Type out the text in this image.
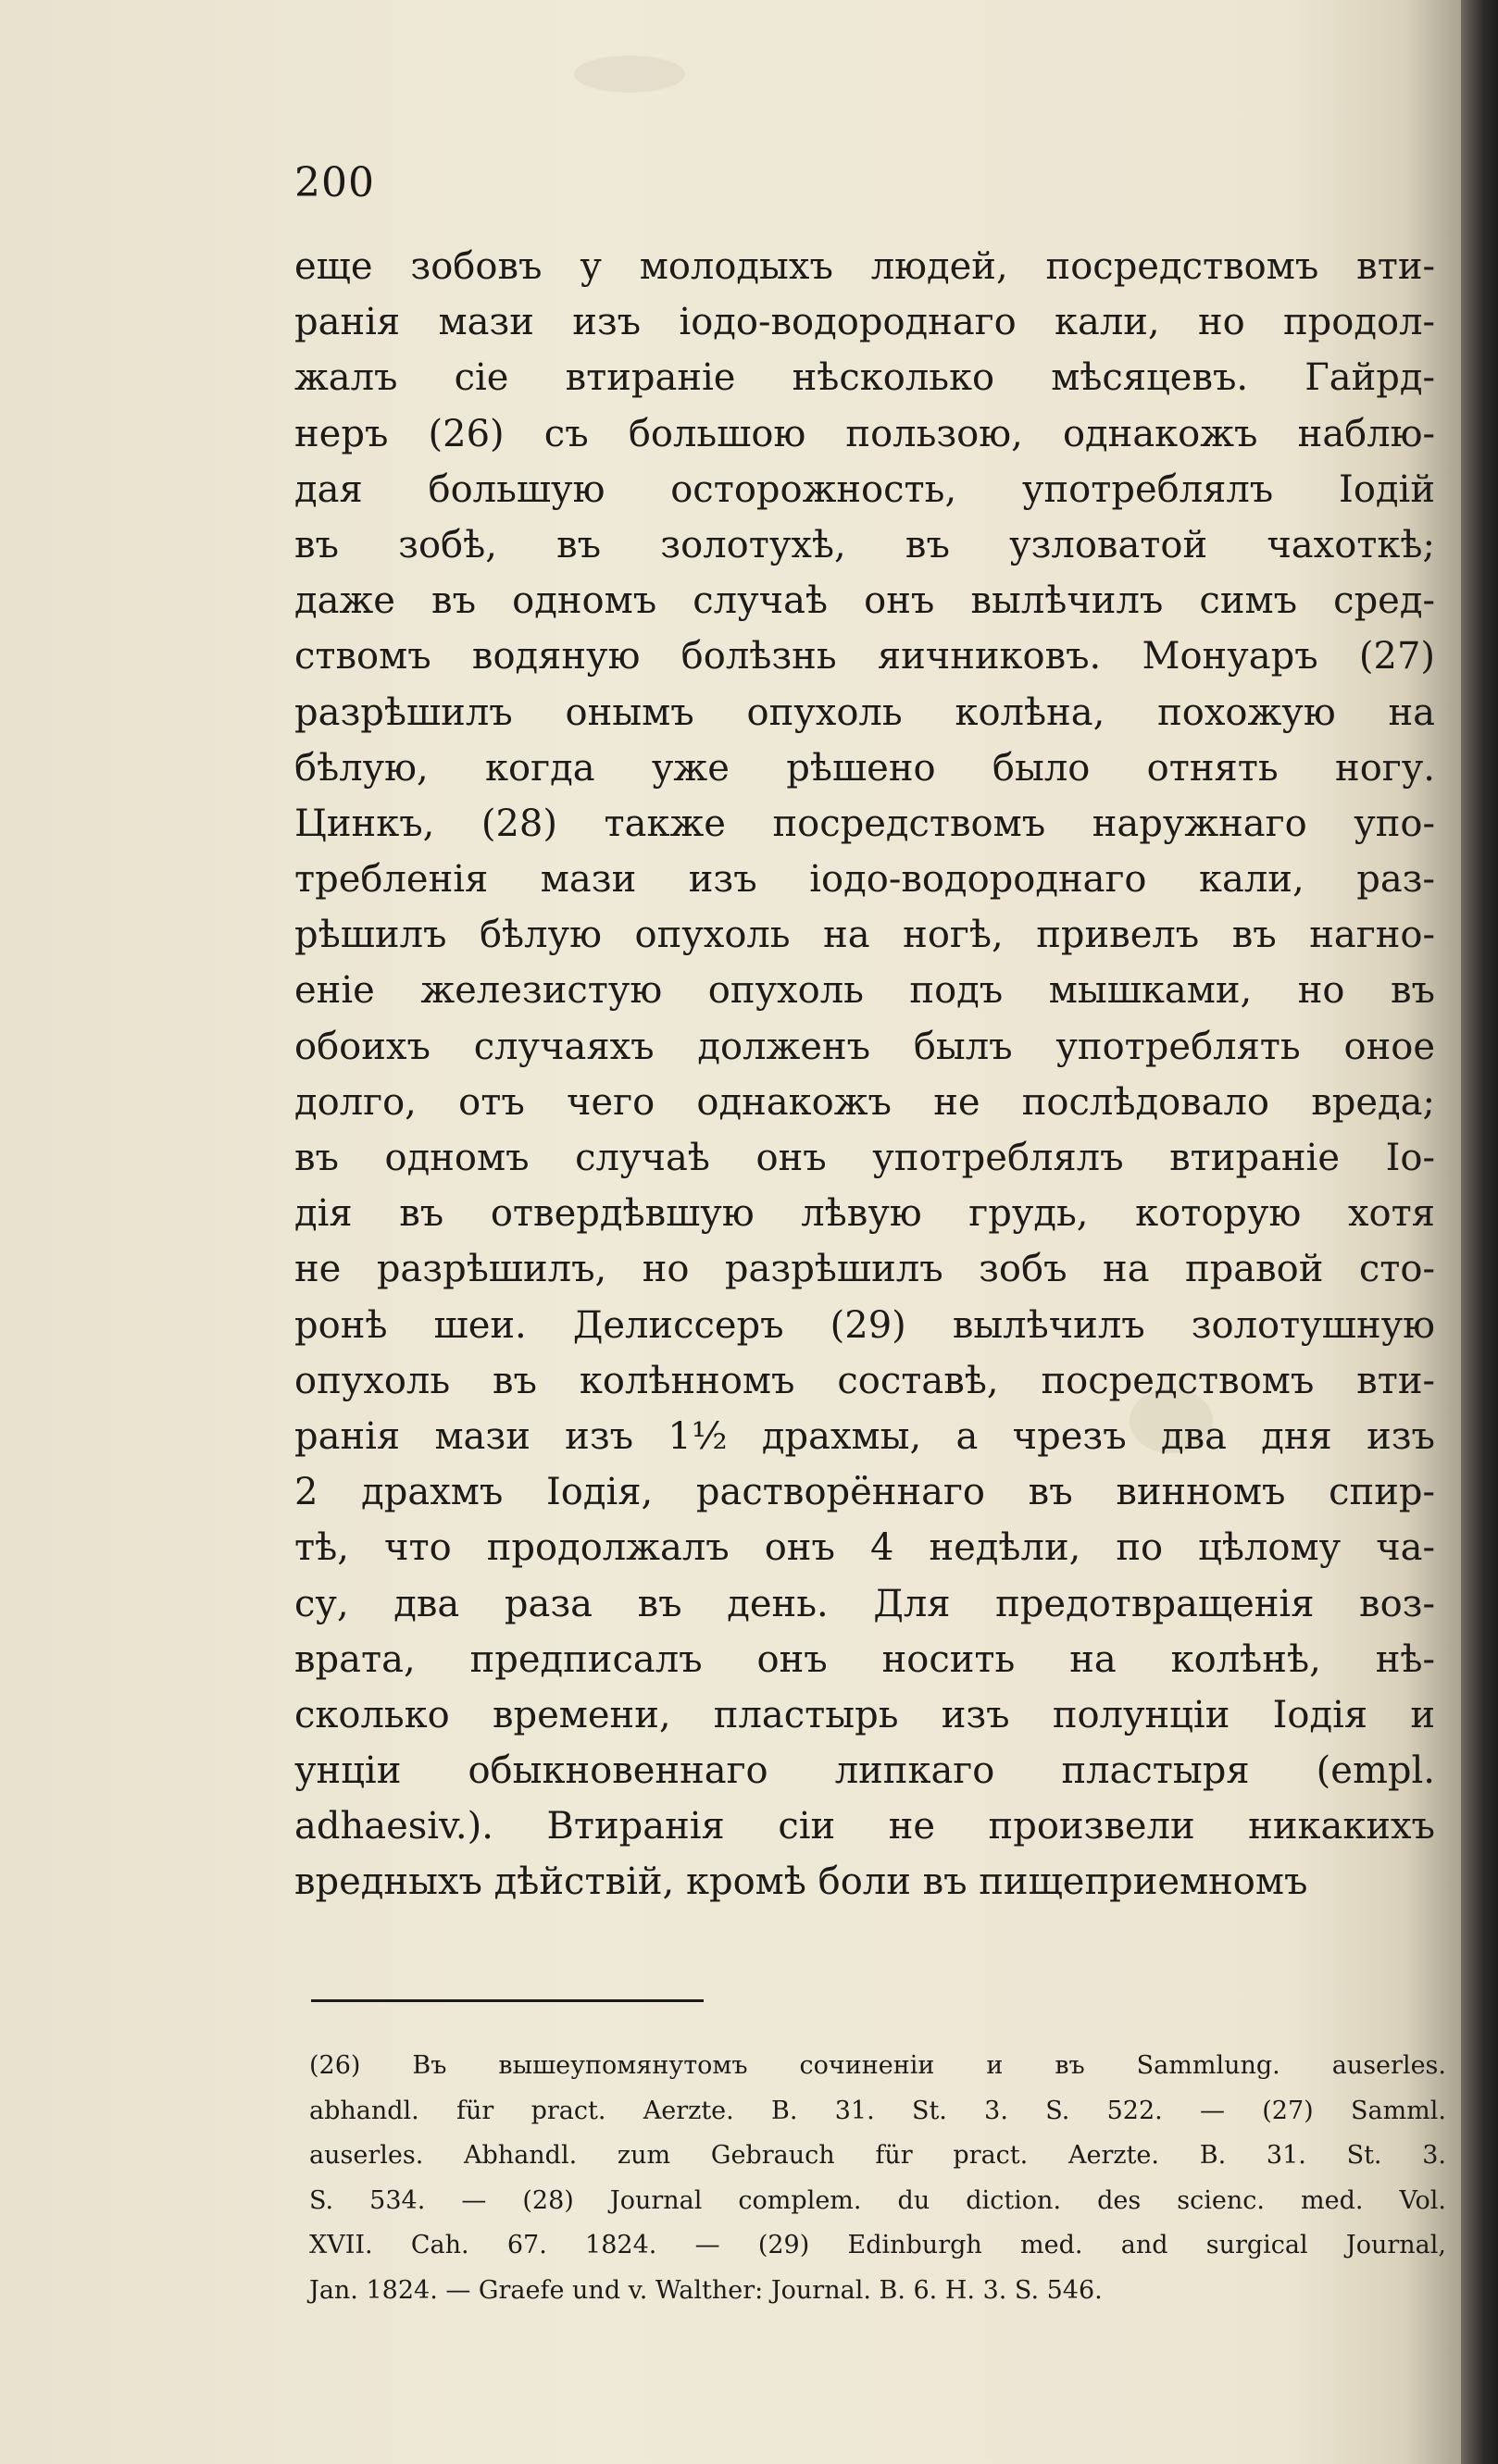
200
еще зобовъ у молодыхъ людей, посредствомъ вти-
ранія мази изъ іодо-водороднаго кали, но продол-
жалъ сіе втираніе нѣсколько мѣсяцевъ. Гайрд-
неръ (26) съ большою пользою, однакожъ наблю-
дая большую осторожность, употреблялъ Іодій
въ зобѣ, въ золотухѣ, въ узловатой чахоткѣ;
даже въ одномъ случаѣ онъ вылѣчилъ симъ сред-
ствомъ водяную болѣзнь яичниковъ. Монуаръ (27)
разрѣшилъ онымъ опухоль колѣна, похожую на
бѣлую, когда уже рѣшено было отнять ногу.
Цинкъ, (28) также посредствомъ наружнаго упо-
требленія мази изъ іодо-водороднаго кали, раз-
рѣшилъ бѣлую опухоль на ногѣ, привелъ въ нагно-
еніе железистую опухоль подъ мышками, но въ
обоихъ случаяхъ долженъ былъ употреблять оное
долго, отъ чего однакожъ не послѣдовало вреда;
въ одномъ случаѣ онъ употреблялъ втираніе Іо-
дія въ отвердѣвшую лѣвую грудь, которую хотя
не разрѣшилъ, но разрѣшилъ зобъ на правой сто-
ронѣ шеи. Делиссеръ (29) вылѣчилъ золотушную
опухоль въ колѣнномъ составѣ, посредствомъ вти-
ранія мази изъ 1½ драхмы, а чрезъ два дня изъ
2 драхмъ Іодія, растворённаго въ винномъ спир-
тѣ, что продолжалъ онъ 4 недѣли, по цѣлому ча-
су, два раза въ день. Для предотвращенія воз-
врата, предписалъ онъ носить на колѣнѣ, нѣ-
сколько времени, пластырь изъ полунціи Іодія и
унціи обыкновеннаго липкаго пластыря (empl.
adhaesiv.). Втиранія сіи не произвели никакихъ
вредныхъ дѣйствій, кромѣ боли въ пищеприемномъ
(26) Въ вышеупомянутомъ сочиненіи и въ Sammlung. auserles.
abhandl. für pract. Aerzte. B. 31. St. 3. S. 522. — (27) Samml.
auserles. Abhandl. zum Gebrauch für pract. Aerzte. B. 31. St. 3.
S. 534. — (28) Journal complem. du diction. des scienc. med. Vol.
XVII. Cah. 67. 1824. — (29) Edinburgh med. and surgical Journal,
Jan. 1824. — Graefe und v. Walther: Journal. B. 6. H. 3. S. 546.
